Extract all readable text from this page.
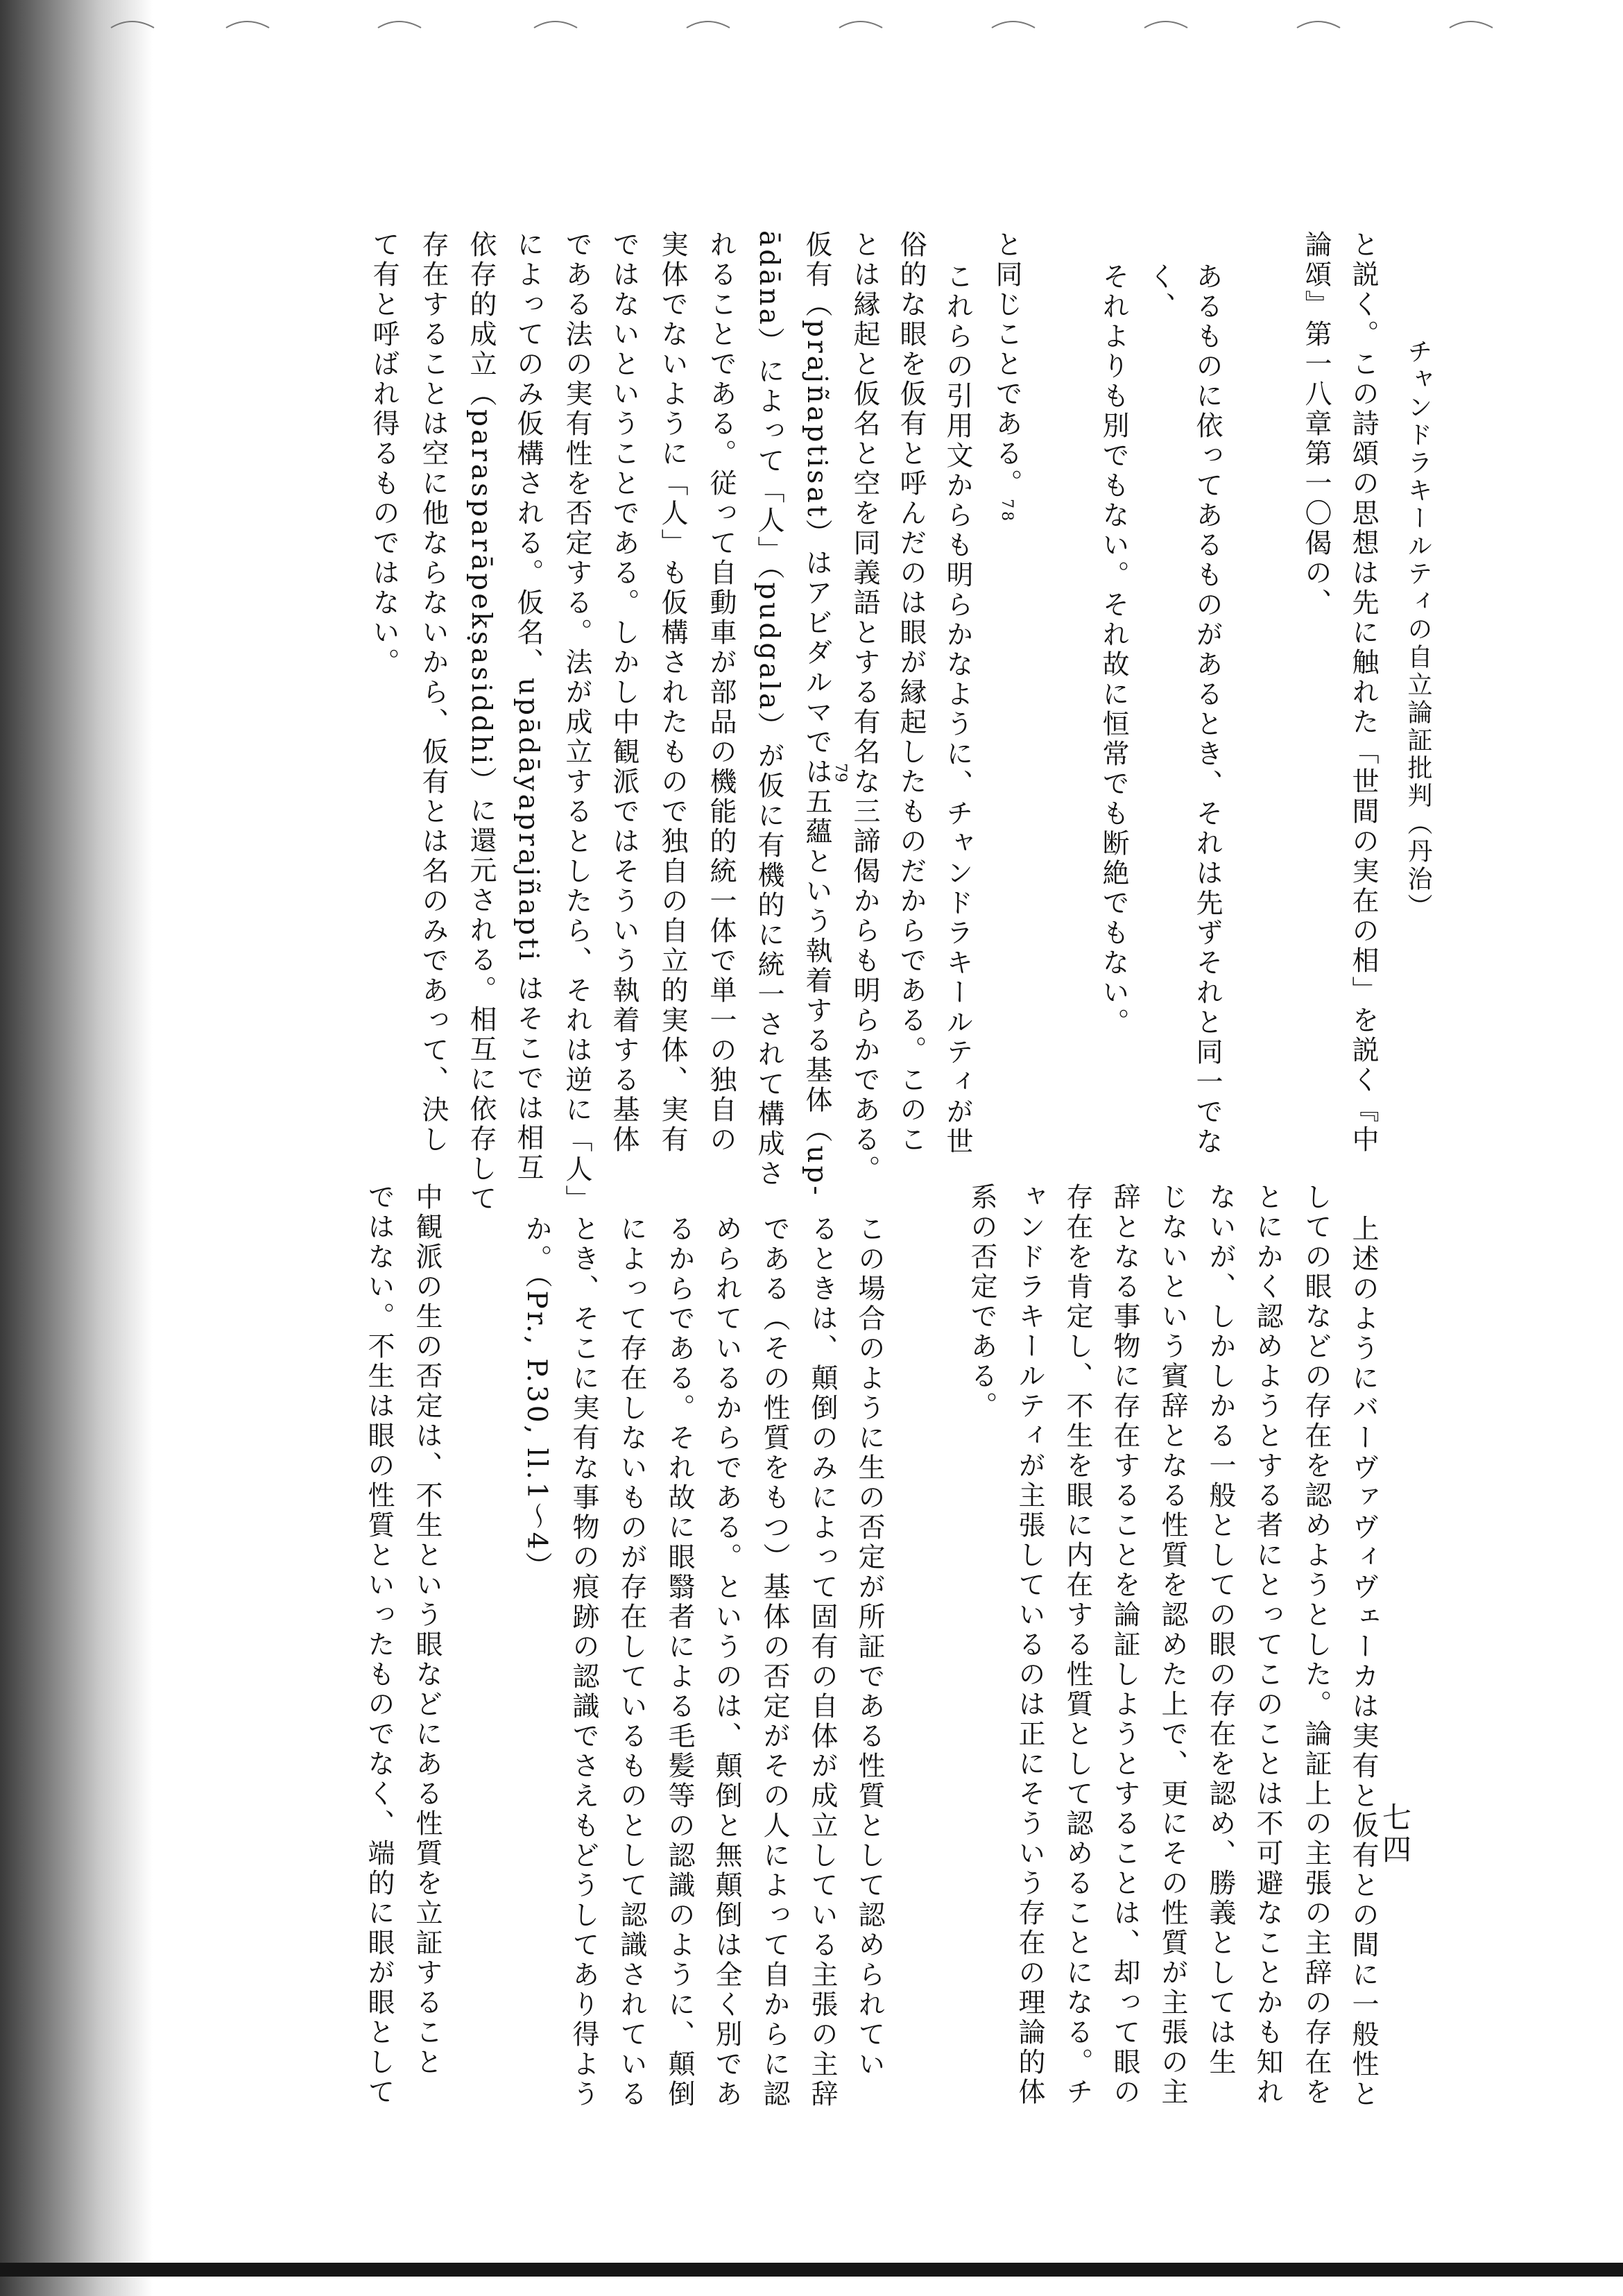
チャンドラキールティの自立論証批判（丹治）
七四
と説く。この詩頌の思想は先に触れた「世間の実在の相」を説く『中
論頌』第一八章第一〇偈の、
あるものに依ってあるものがあるとき、それは先ずそれと同一でな
く、
それよりも別でもない。それ故に恒常でも断絶でもない。
と同じことである。78
これらの引用文からも明らかなように、チャンドラキールティが世
俗的な眼を仮有と呼んだのは眼が縁起したものだからである。このこ
とは縁起と仮名と空を同義語とする有名な三諦偈からも明らかである。
仮有（prajñaptisat）はアビダルマでは五蘊という執着する基体（up-
ādāna）によって「人」（pudgala）が仮に有機的に統一されて構成さ
れることである。従って自動車が部品の機能的統一体で単一の独自の
実体でないように「人」も仮構されたもので独自の自立的実体、実有
ではないということである。しかし中観派ではそういう執着する基体
である法の実有性を否定する。法が成立するとしたら、それは逆に「人」
によってのみ仮構される。仮名、upādāyaprajñapti はそこでは相互
依存的成立（parasparāpekṣasiddhi）に還元される。相互に依存して
存在することは空に他ならないから、仮有とは名のみであって、決し
て有と呼ばれ得るものではない。
79
上述のようにバーヴァヴィヴェーカは実有と仮有との間に一般性と
しての眼などの存在を認めようとした。論証上の主張の主辞の存在を
とにかく認めようとする者にとってこのことは不可避なことかも知れ
ないが、しかしかる一般としての眼の存在を認め、勝義としては生
じないという賓辞となる性質を認めた上で、更にその性質が主張の主
辞となる事物に存在することを論証しようとすることは、却って眼の
存在を肯定し、不生を眼に内在する性質として認めることになる。チ
ャンドラキールティが主張しているのは正にそういう存在の理論的体
系の否定である。
この場合のように生の否定が所証である性質として認められてい
るときは、顛倒のみによって固有の自体が成立している主張の主辞
である（その性質をもつ）基体の否定がその人によって自からに認
められているからである。というのは、顛倒と無顛倒は全く別であ
るからである。それ故に眼翳者による毛髪等の認識のように、顛倒
によって存在しないものが存在しているものとして認識されている
とき、そこに実有な事物の痕跡の認識でさえもどうしてあり得よう
か。（Pr., P.30, ll.1～4）
中観派の生の否定は、不生という眼などにある性質を立証すること
ではない。不生は眼の性質といったものでなく、端的に眼が眼として
